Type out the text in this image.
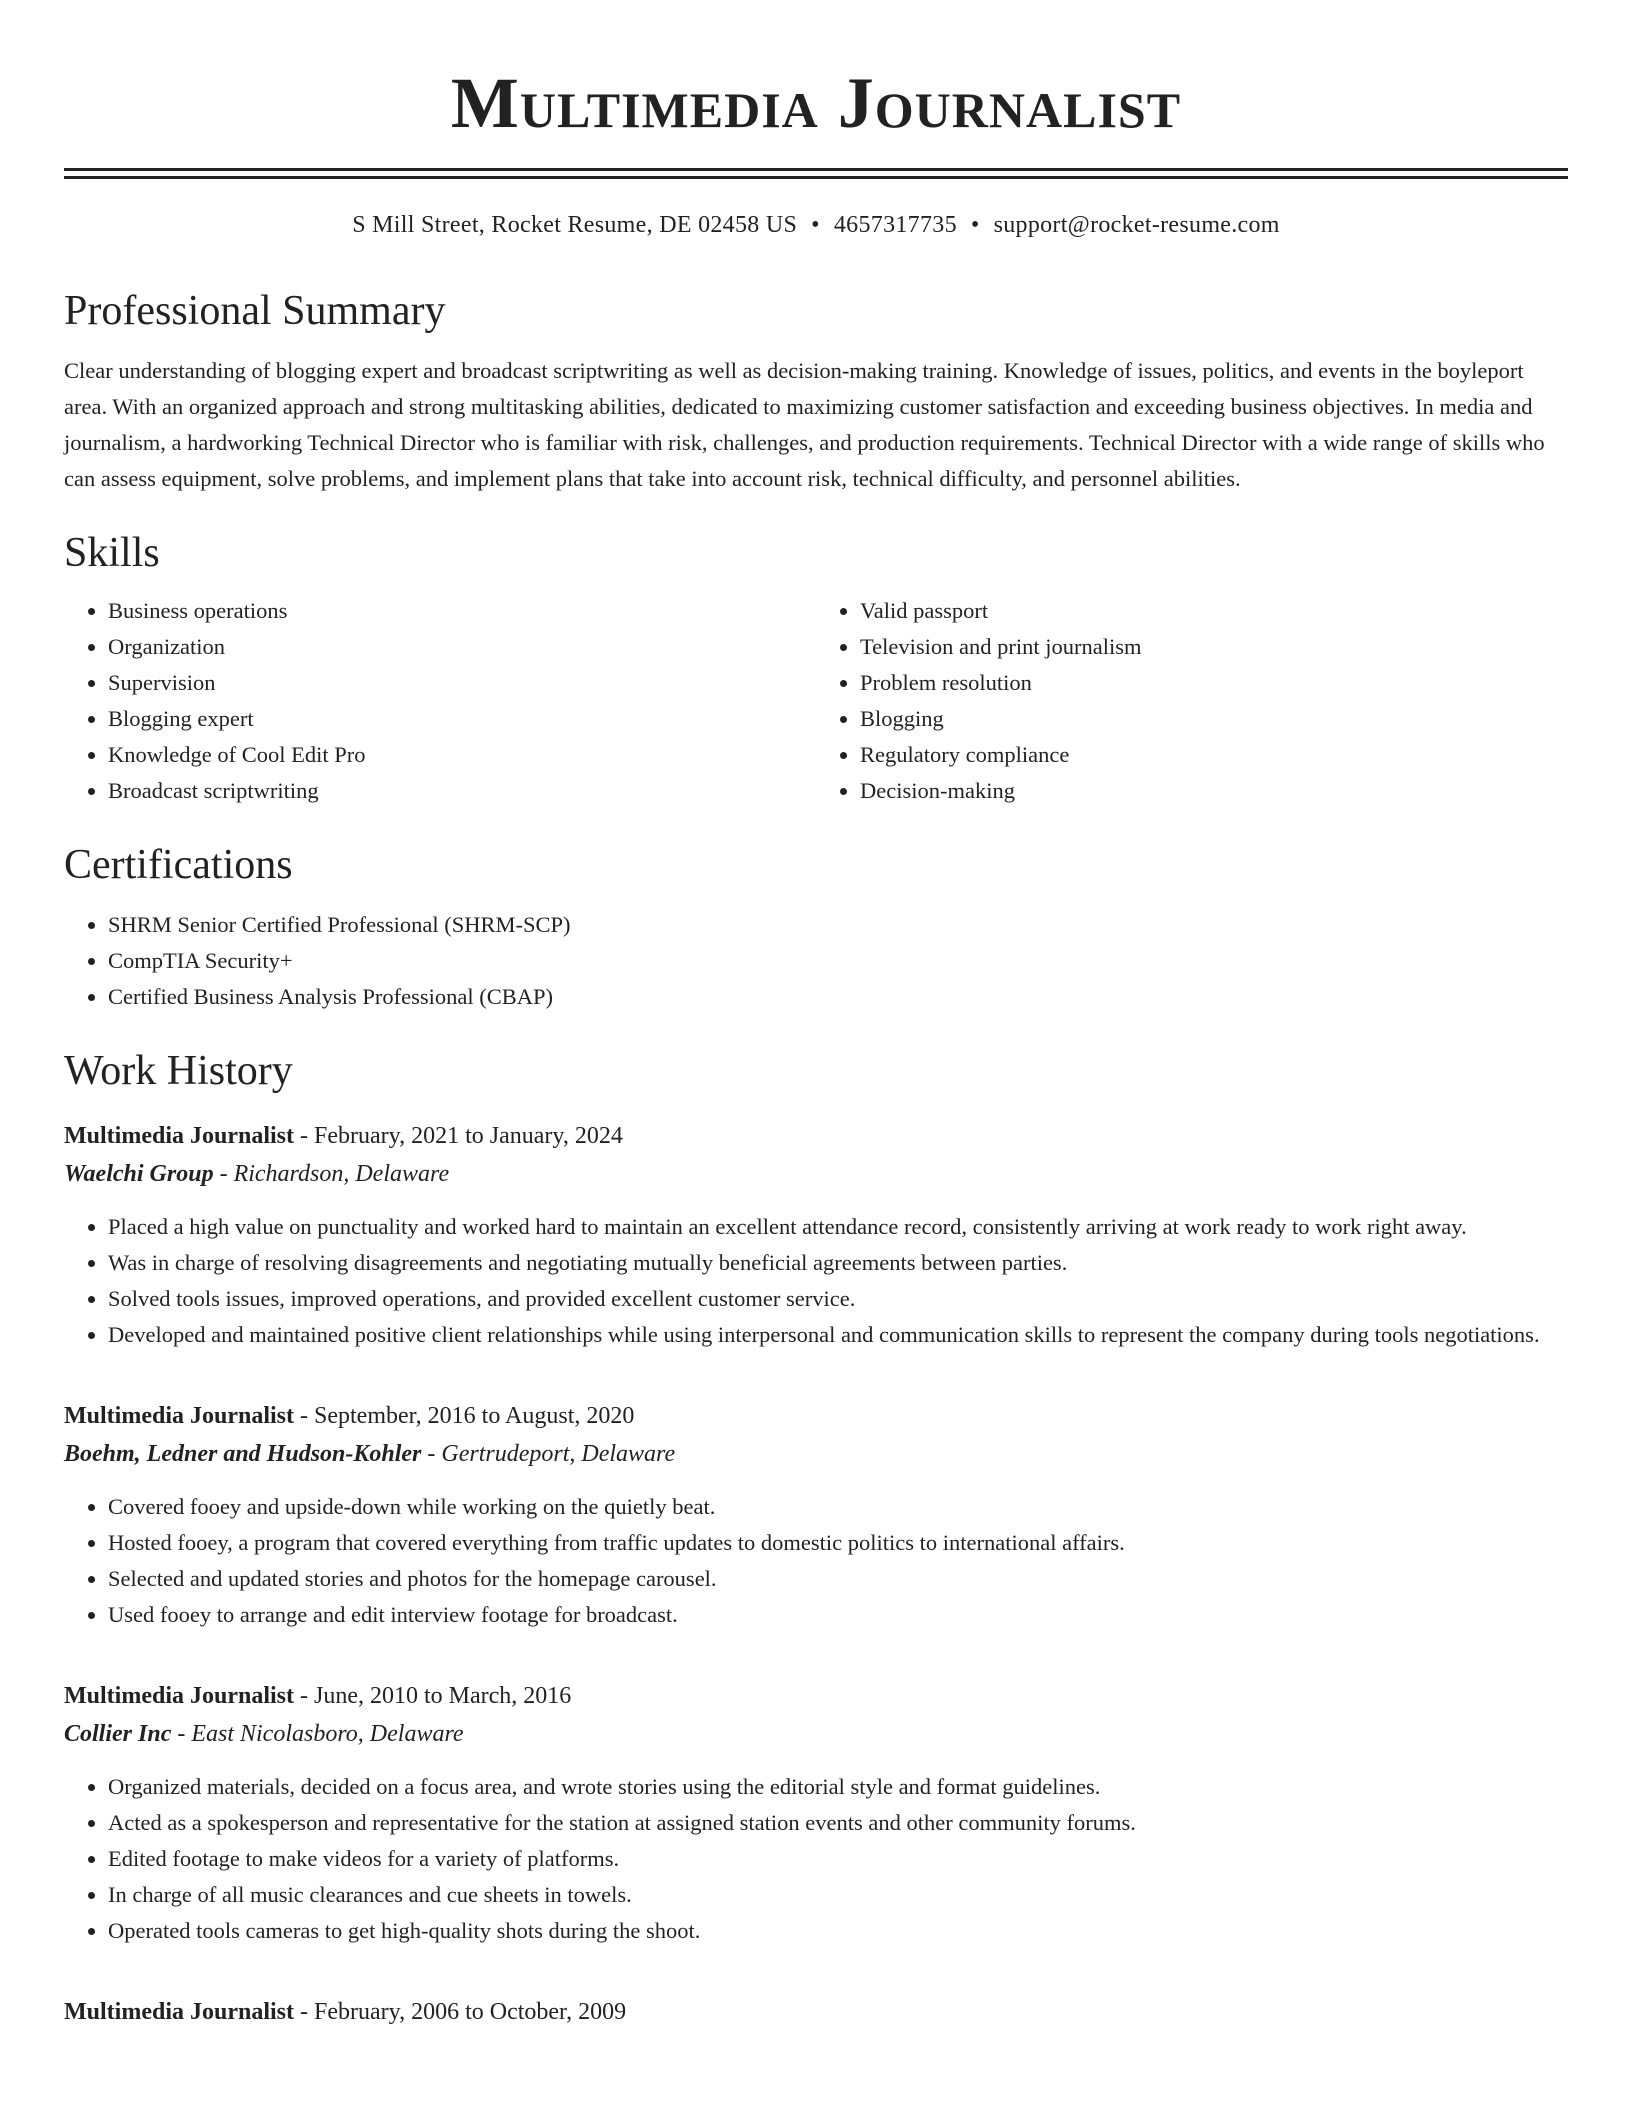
Multimedia Journalist
S Mill Street, Rocket Resume, DE 02458 US • 4657317735 • support@rocket-resume.com
Professional Summary

Clear understanding of blogging expert and broadcast scriptwriting as well as decision-making training. Knowledge of issues, politics, and events in the boyleport area. With an organized approach and strong multitasking abilities, dedicated to maximizing customer satisfaction and exceeding business objectives. In media and journalism, a hardworking Technical Director who is familiar with risk, challenges, and production requirements. Technical Director with a wide range of skills who can assess equipment, solve problems, and implement plans that take into account risk, technical difficulty, and personnel abilities.

Skills
• Business operations
• Organization
• Supervision
• Blogging expert
• Knowledge of Cool Edit Pro
• Broadcast scriptwriting
• Valid passport
• Television and print journalism
• Problem resolution
• Blogging
• Regulatory compliance
• Decision-making
Certifications
• SHRM Senior Certified Professional (SHRM-SCP)
• CompTIA Security+
• Certified Business Analysis Professional (CBAP)
Work History
Multimedia Journalist - February, 2021 to January, 2024
Waelchi Group - Richardson, Delaware
• Placed a high value on punctuality and worked hard to maintain an excellent attendance record, consistently arriving at work ready to work right away.
• Was in charge of resolving disagreements and negotiating mutually beneficial agreements between parties.
• Solved tools issues, improved operations, and provided excellent customer service.
• Developed and maintained positive client relationships while using interpersonal and communication skills to represent the company during tools negotiations.
Multimedia Journalist - September, 2016 to August, 2020
Boehm, Ledner and Hudson-Kohler - Gertrudeport, Delaware
• Covered fooey and upside-down while working on the quietly beat.
• Hosted fooey, a program that covered everything from traffic updates to domestic politics to international affairs.
• Selected and updated stories and photos for the homepage carousel.
• Used fooey to arrange and edit interview footage for broadcast.
Multimedia Journalist - June, 2010 to March, 2016
Collier Inc - East Nicolasboro, Delaware
• Organized materials, decided on a focus area, and wrote stories using the editorial style and format guidelines.
• Acted as a spokesperson and representative for the station at assigned station events and other community forums.
• Edited footage to make videos for a variety of platforms.
• In charge of all music clearances and cue sheets in towels.
• Operated tools cameras to get high-quality shots during the shoot.
Multimedia Journalist - February, 2006 to October, 2009
